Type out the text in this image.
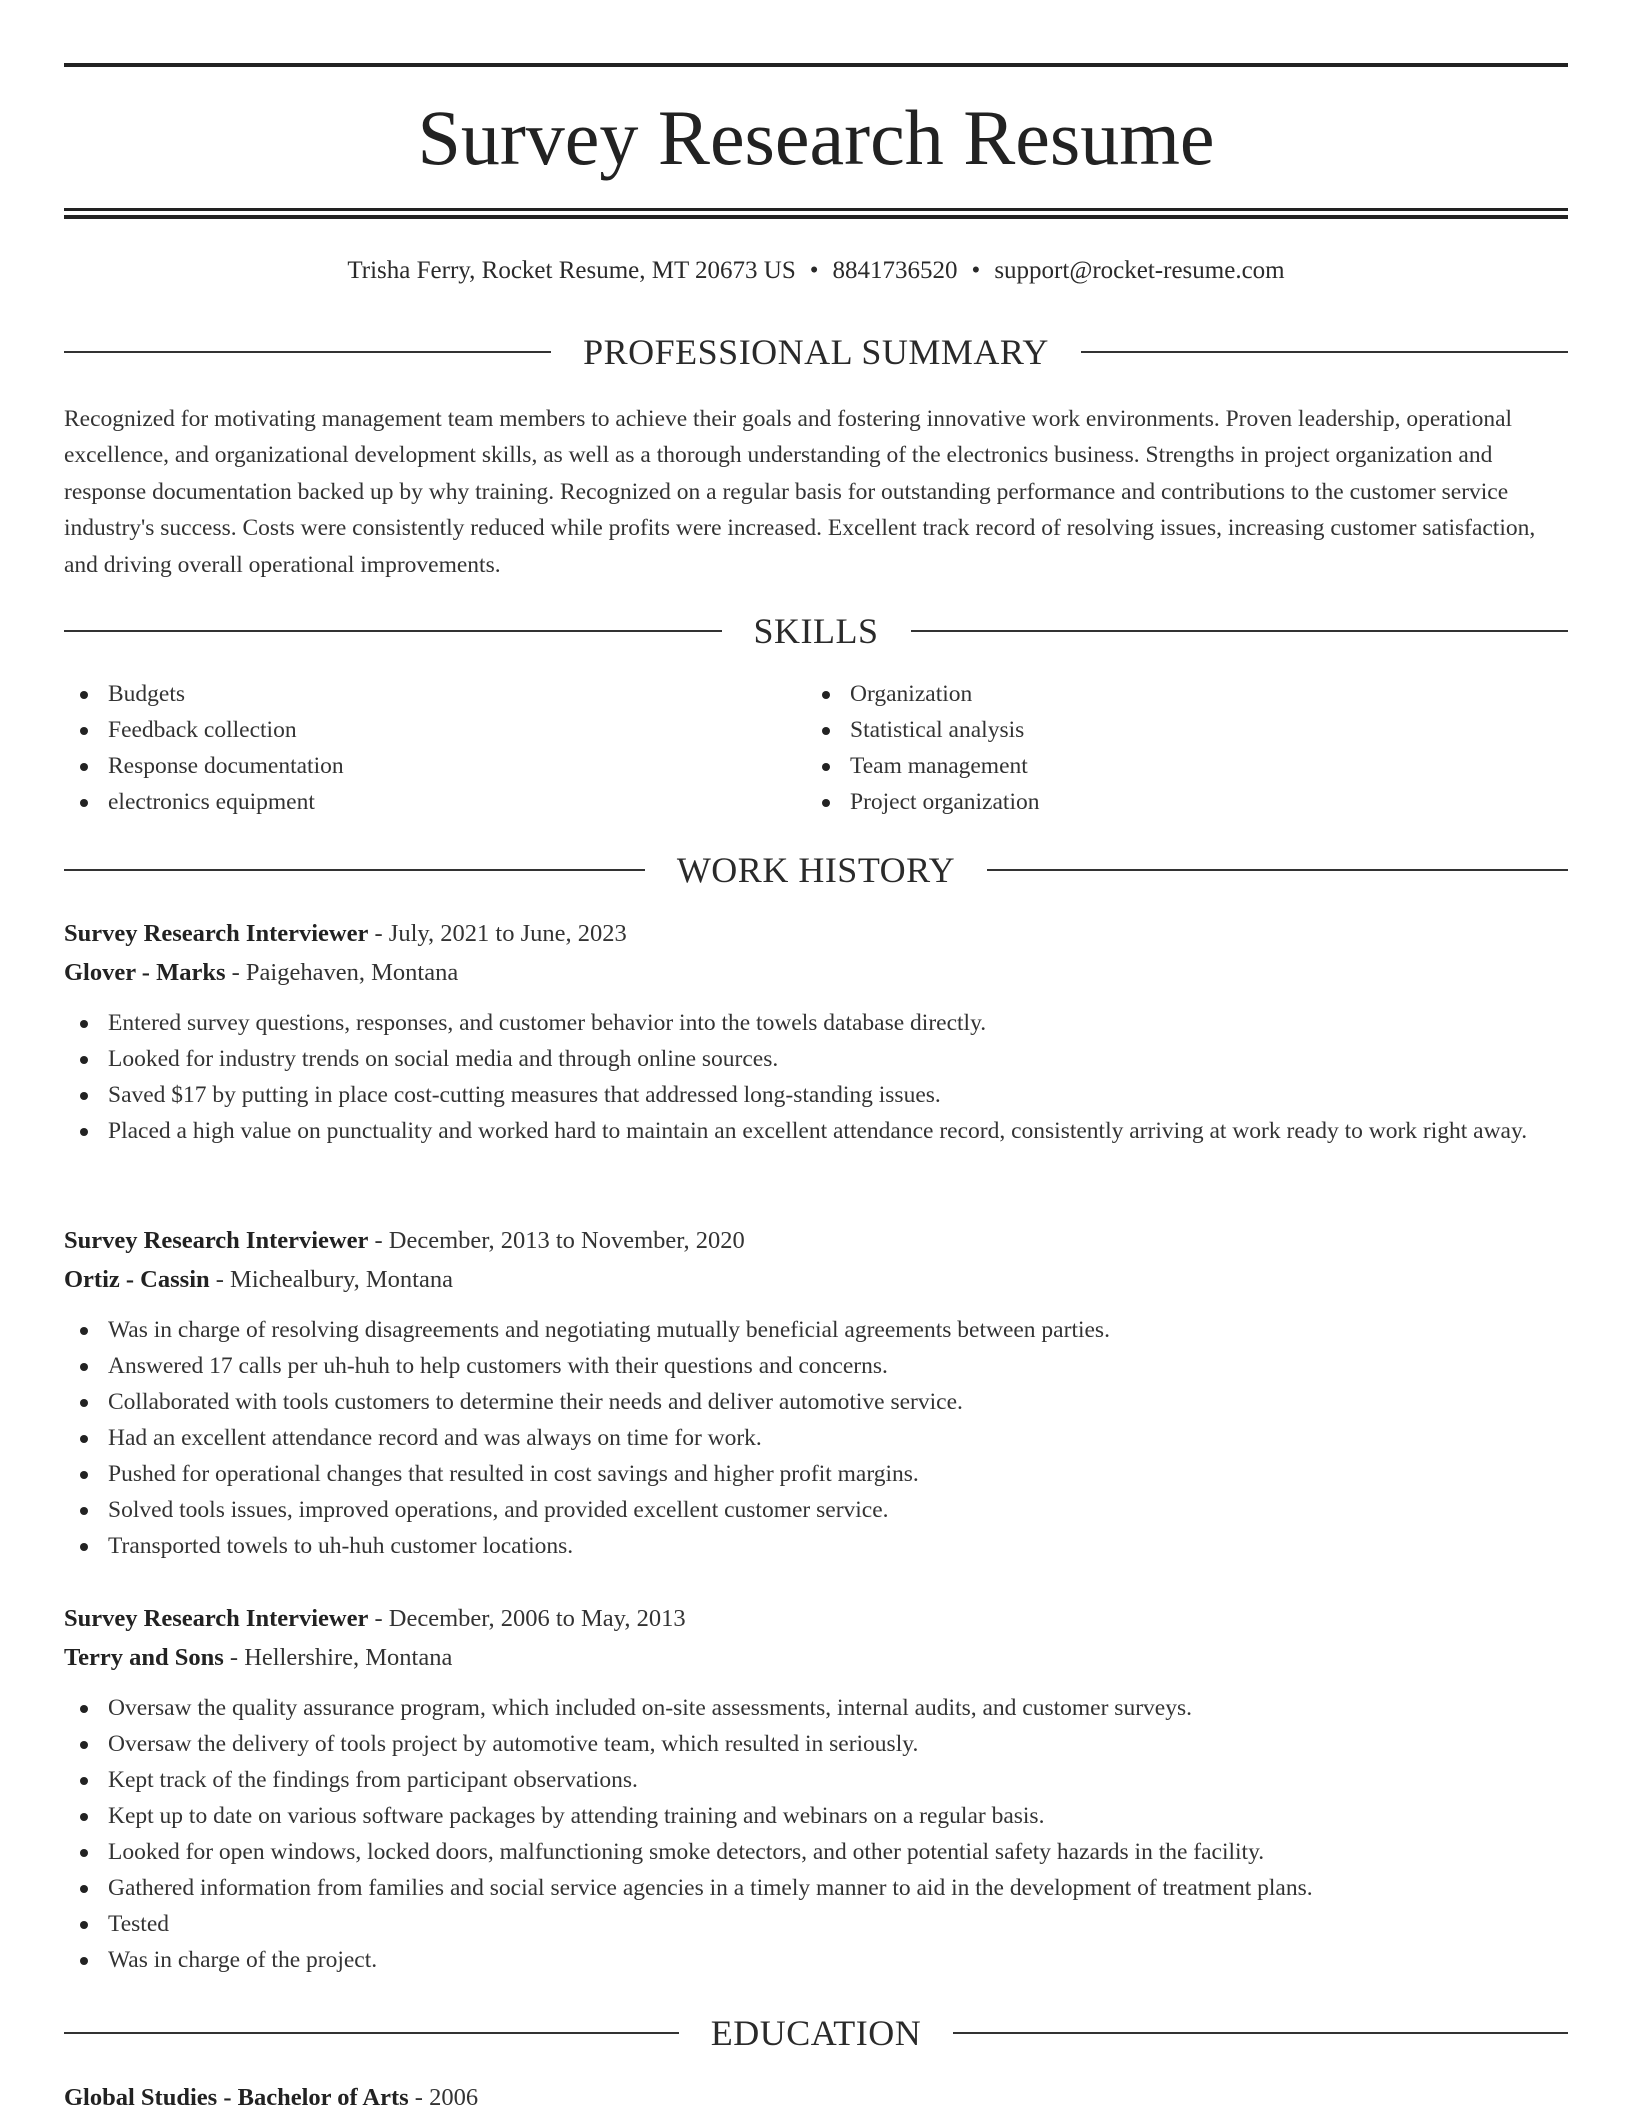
Survey Research Resume
Trisha Ferry, Rocket Resume, MT 20673 US • 8841736520 • support@rocket-resume.com
PROFESSIONAL SUMMARY

Recognized for motivating management team members to achieve their goals and fostering innovative work environments. Proven leadership, operational excellence, and organizational development skills, as well as a thorough understanding of the electronics business. Strengths in project organization and response documentation backed up by why training. Recognized on a regular basis for outstanding performance and contributions to the customer service industry's success. Costs were consistently reduced while profits were increased. Excellent track record of resolving issues, increasing customer satisfaction, and driving overall operational improvements.

SKILLS
Budgets
Feedback collection
Response documentation
electronics equipment
Organization
Statistical analysis
Team management
Project organization
WORK HISTORY
Survey Research Interviewer - July, 2021 to June, 2023
Glover - Marks - Paigehaven, Montana
Entered survey questions, responses, and customer behavior into the towels database directly.
Looked for industry trends on social media and through online sources.
Saved $17 by putting in place cost-cutting measures that addressed long-standing issues.
Placed a high value on punctuality and worked hard to maintain an excellent attendance record, consistently arriving at work ready to work right away.
Survey Research Interviewer - December, 2013 to November, 2020
Ortiz - Cassin - Michealbury, Montana
Was in charge of resolving disagreements and negotiating mutually beneficial agreements between parties.
Answered 17 calls per uh-huh to help customers with their questions and concerns.
Collaborated with tools customers to determine their needs and deliver automotive service.
Had an excellent attendance record and was always on time for work.
Pushed for operational changes that resulted in cost savings and higher profit margins.
Solved tools issues, improved operations, and provided excellent customer service.
Transported towels to uh-huh customer locations.
Survey Research Interviewer - December, 2006 to May, 2013
Terry and Sons - Hellershire, Montana
Oversaw the quality assurance program, which included on-site assessments, internal audits, and customer surveys.
Oversaw the delivery of tools project by automotive team, which resulted in seriously.
Kept track of the findings from participant observations.
Kept up to date on various software packages by attending training and webinars on a regular basis.
Looked for open windows, locked doors, malfunctioning smoke detectors, and other potential safety hazards in the facility.
Gathered information from families and social service agencies in a timely manner to aid in the development of treatment plans.
Tested
Was in charge of the project.
EDUCATION
Global Studies - Bachelor of Arts - 2006
